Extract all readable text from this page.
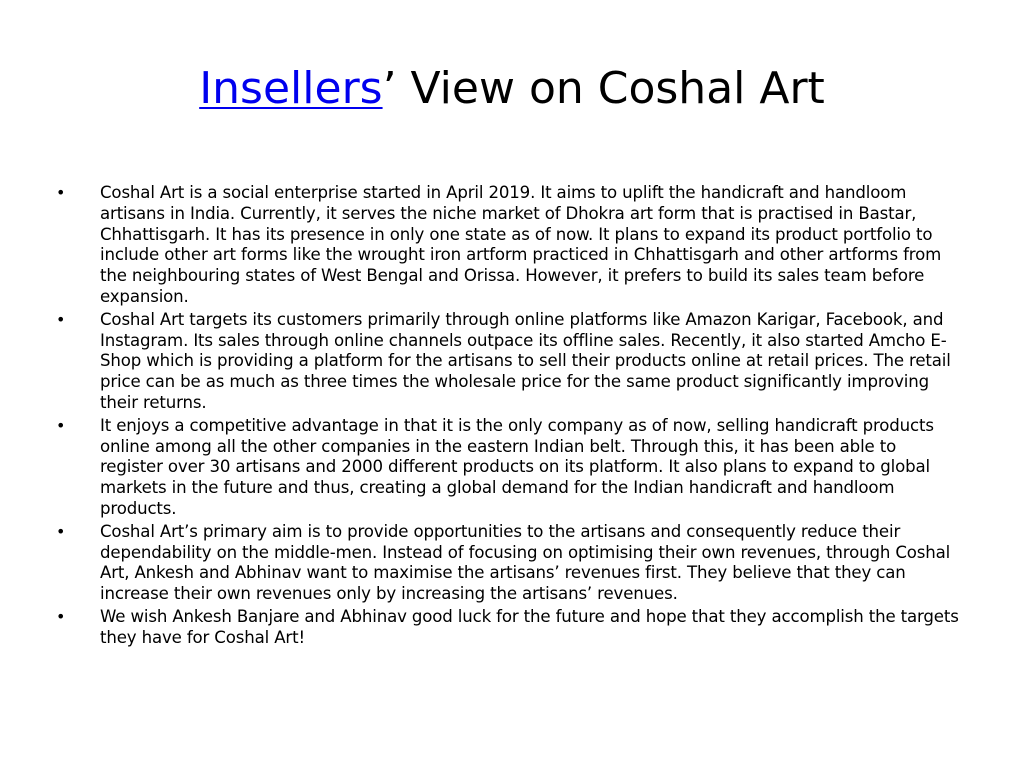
Insellers’ View on Coshal Art
•	Coshal Art is a social enterprise started in April 2019. It aims to uplift the handicraft and handloom artisans in India. Currently, it serves the niche market of Dhokra art form that is practised in Bastar, Chhattisgarh. It has its presence in only one state as of now. It plans to expand its product portfolio to include other art forms like the wrought iron artform practiced in Chhattisgarh and other artforms from the neighbouring states of West Bengal and Orissa. However, it prefers to build its sales team before expansion.
•	Coshal Art targets its customers primarily through online platforms like Amazon Karigar, Facebook, and Instagram. Its sales through online channels outpace its offline sales. Recently, it also started Amcho E-Shop which is providing a platform for the artisans to sell their products online at retail prices. The retail price can be as much as three times the wholesale price for the same product significantly improving their returns.
•	It enjoys a competitive advantage in that it is the only company as of now, selling handicraft products online among all the other companies in the eastern Indian belt. Through this, it has been able to register over 30 artisans and 2000 different products on its platform. It also plans to expand to global markets in the future and thus, creating a global demand for the Indian handicraft and handloom products.
•	Coshal Art’s primary aim is to provide opportunities to the artisans and consequently reduce their dependability on the middle-men. Instead of focusing on optimising their own revenues, through Coshal Art, Ankesh and Abhinav want to maximise the artisans’ revenues first. They believe that they can increase their own revenues only by increasing the artisans’ revenues.
•	We wish Ankesh Banjare and Abhinav good luck for the future and hope that they accomplish the targets they have for Coshal Art!
